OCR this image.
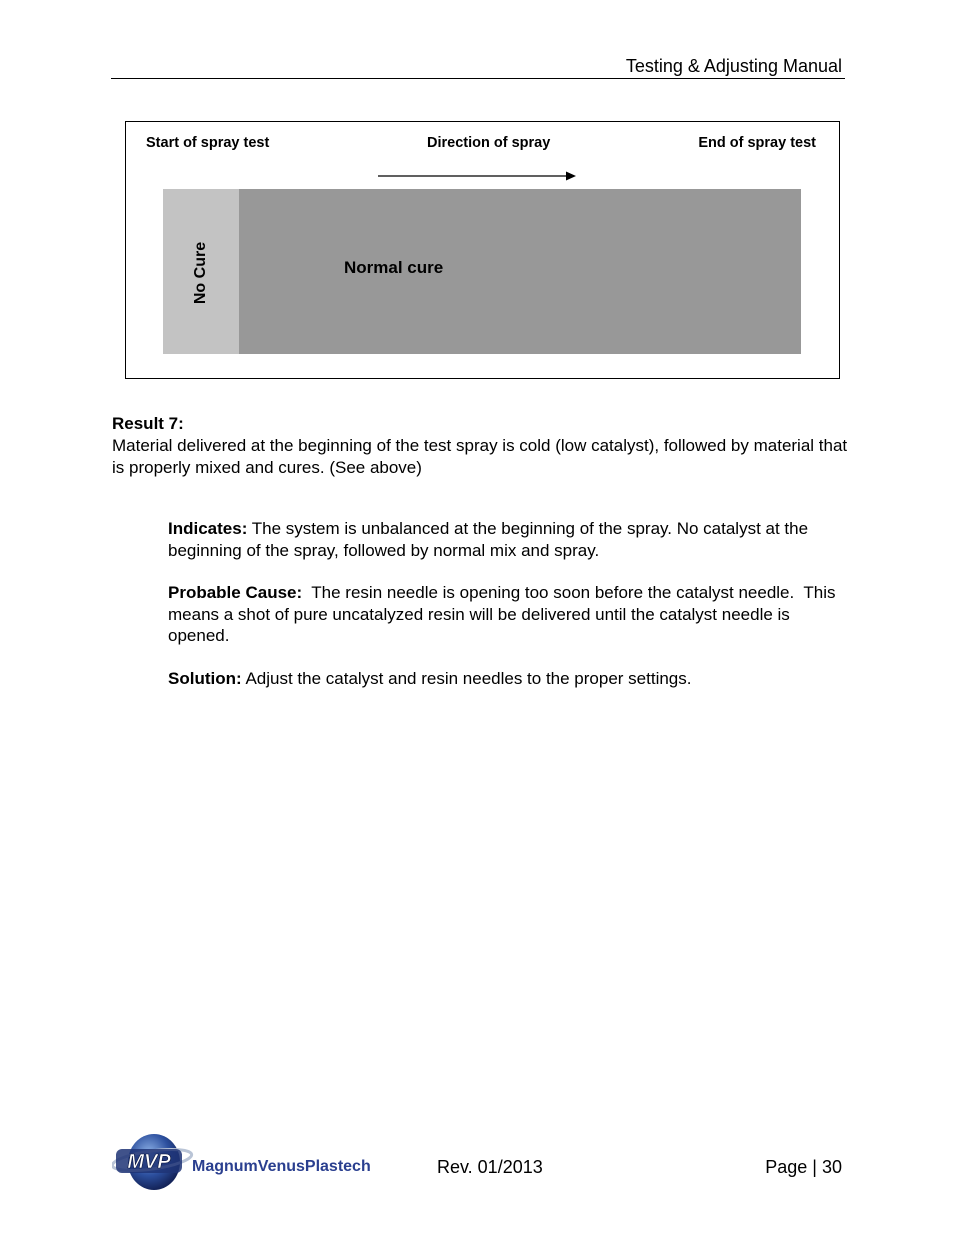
Testing & Adjusting Manual
Start of spray test	Direction of spray	End of spray test
No Cure	Normal cure
Result 7:
Material delivered at the beginning of the test spray is cold (low catalyst), followed by material that is properly mixed and cures. (See above)
Indicates: The system is unbalanced at the beginning of the spray. No catalyst at the beginning of the spray, followed by normal mix and spray.
Probable Cause:  The resin needle is opening too soon before the catalyst needle.  This means a shot of pure uncatalyzed resin will be delivered until the catalyst needle is opened.
Solution: Adjust the catalyst and resin needles to the proper settings.
MVP MagnumVenusPlastech	Rev. 01/2013	Page | 30
